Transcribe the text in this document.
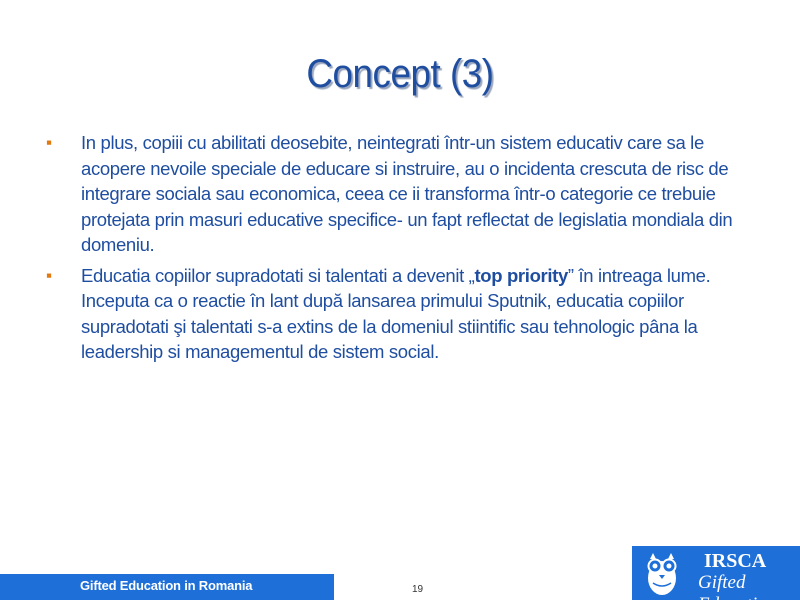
Concept (3)
▪ In plus, copiii cu abilitati deosebite, neintegrati într-un sistem educativ care sa le acopere nevoile speciale de educare si instruire, au o incidenta crescuta de risc de integrare sociala sau economica, ceea ce ii transforma într-o categorie ce trebuie protejata prin masuri educative specifice- un fapt reflectat de legislatia mondiala din domeniu.
▪ Educatia copiilor supradotati si talentati a devenit „top priority” în intreaga lume. Inceputa ca o reactie în lant după lansarea primului Sputnik, educatia copiilor supradotati şi talentati s-a extins de la domeniul stiintific sau tehnologic pâna la leadership si managementul de sistem social.
Gifted Education in Romania	19
IRSCA
Gifted Education
